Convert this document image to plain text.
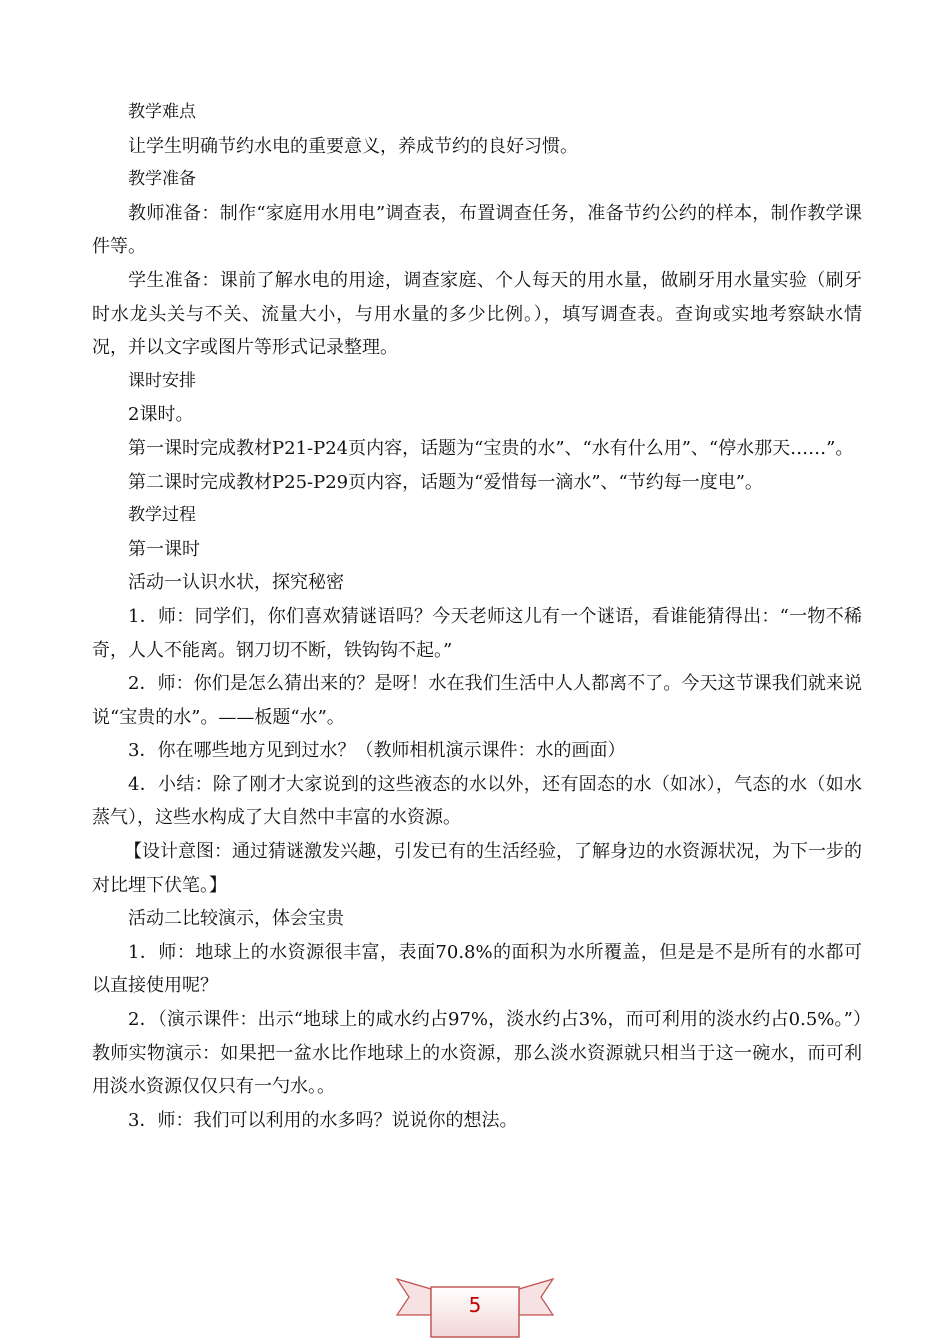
教学难点

让学生明确节约水电的重要意义，养成节约的良好习惯。

教学准备

教师准备：制作“家庭用水用电”调查表，布置调查任务，准备节约公约的样本，制作教学课件等。

学生准备：课前了解水电的用途，调查家庭、个人每天的用水量，做刷牙用水量实验（刷牙时水龙头关与不关、流量大小，与用水量的多少比例。），填写调查表。查询或实地考察缺水情况，并以文字或图片等形式记录整理。

课时安排

2课时。

第一课时完成教材P21-P24页内容，话题为“宝贵的水”、“水有什么用”、“停水那天……”。

第二课时完成教材P25-P29页内容，话题为“爱惜每一滴水”、“节约每一度电”。

教学过程

第一课时

活动一认识水状，探究秘密

1．师：同学们，你们喜欢猜谜语吗？今天老师这儿有一个谜语，看谁能猜得出：“一物不稀奇，人人不能离。钢刀切不断，铁钩钩不起。”

2．师：你们是怎么猜出来的？是呀！水在我们生活中人人都离不了。今天这节课我们就来说说“宝贵的水”。——板题“水”。

3．你在哪些地方见到过水？（教师相机演示课件：水的画面）

4．小结：除了刚才大家说到的这些液态的水以外，还有固态的水（如冰），气态的水（如水蒸气），这些水构成了大自然中丰富的水资源。

【设计意图：通过猜谜激发兴趣，引发已有的生活经验，了解身边的水资源状况，为下一步的对比埋下伏笔。】

活动二比较演示，体会宝贵

1．师：地球上的水资源很丰富，表面70.8%的面积为水所覆盖，但是是不是所有的水都可以直接使用呢？

2．（演示课件：出示“地球上的咸水约占97%，淡水约占3%，而可利用的淡水约占0.5%。”）教师实物演示：如果把一盆水比作地球上的水资源，那么淡水资源就只相当于这一碗水，而可利用淡水资源仅仅只有一勺水。。

3．师：我们可以利用的水多吗？说说你的想法。

5
